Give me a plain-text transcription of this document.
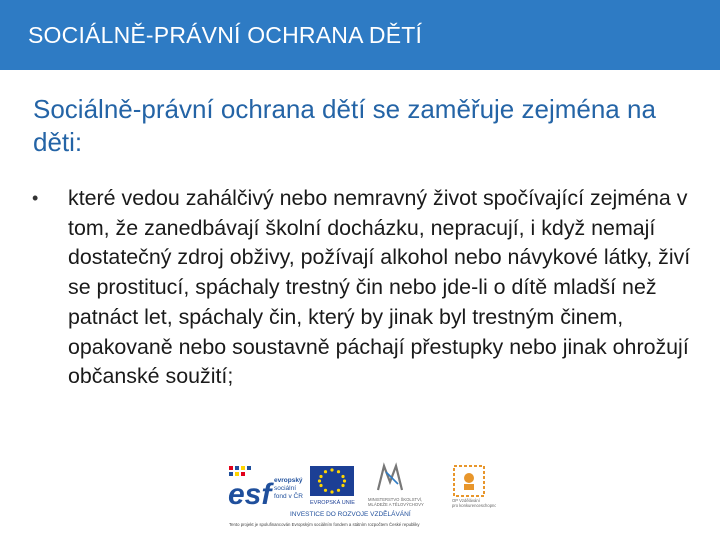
SOCIÁLNĚ-PRÁVNÍ OCHRANA DĚTÍ
Sociálně-právní ochrana dětí se zaměřuje zejména na děti:
• které vedou zahálčivý nebo nemravný život spočívající zejména v tom, že zanedbávají školní docházku, nepracují, i když nemají dostatečný zdroj obživy, požívají alkohol nebo návykové látky, živí se prostitucí, spáchaly trestný čin nebo jde-li o dítě mladší než patnáct let, spáchaly čin, který by jinak byl trestným činem, opakovaně nebo soustavně páchají přestupky nebo jinak ohrožují občanské soužití;
esf evropský
sociální
fond v ČR
EVROPSKÁ UNIE
MINISTERSTVO ŠKOLSTVÍ,
MLÁDEŽE A TĚLOVÝCHOVY
OP Vzdělávání
pro konkurenceschopnost
INVESTICE DO ROZVOJE VZDĚLÁVÁNÍ
Tento projekt je spolufinancován Evropským sociálním fondem a státním rozpočtem České republiky
